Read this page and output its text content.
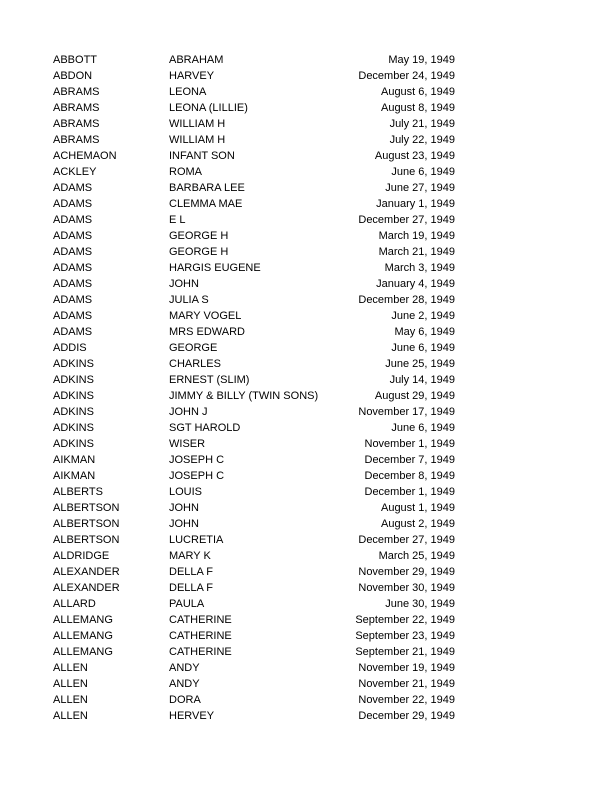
ABBOTT	ABRAHAM	May 19, 1949
ABDON	HARVEY	December 24, 1949
ABRAMS	LEONA	August 6, 1949
ABRAMS	LEONA (LILLIE)	August 8, 1949
ABRAMS	WILLIAM H	July 21, 1949
ABRAMS	WILLIAM H	July 22, 1949
ACHEMAON	INFANT SON	August 23, 1949
ACKLEY	ROMA	June 6, 1949
ADAMS	BARBARA LEE	June 27, 1949
ADAMS	CLEMMA MAE	January 1, 1949
ADAMS	E L	December 27, 1949
ADAMS	GEORGE H	March 19, 1949
ADAMS	GEORGE H	March 21, 1949
ADAMS	HARGIS EUGENE	March 3, 1949
ADAMS	JOHN	January 4, 1949
ADAMS	JULIA S	December 28, 1949
ADAMS	MARY VOGEL	June 2, 1949
ADAMS	MRS EDWARD	May 6, 1949
ADDIS	GEORGE	June 6, 1949
ADKINS	CHARLES	June 25, 1949
ADKINS	ERNEST (SLIM)	July 14, 1949
ADKINS	JIMMY & BILLY (TWIN SONS)	August 29, 1949
ADKINS	JOHN J	November 17, 1949
ADKINS	SGT HAROLD	June 6, 1949
ADKINS	WISER	November 1, 1949
AIKMAN	JOSEPH C	December 7, 1949
AIKMAN	JOSEPH C	December 8, 1949
ALBERTS	LOUIS	December 1, 1949
ALBERTSON	JOHN	August 1, 1949
ALBERTSON	JOHN	August 2, 1949
ALBERTSON	LUCRETIA	December 27, 1949
ALDRIDGE	MARY K	March 25, 1949
ALEXANDER	DELLA F	November 29, 1949
ALEXANDER	DELLA F	November 30, 1949
ALLARD	PAULA	June 30, 1949
ALLEMANG	CATHERINE	September 22, 1949
ALLEMANG	CATHERINE	September 23, 1949
ALLEMANG	CATHERINE	September 21, 1949
ALLEN	ANDY	November 19, 1949
ALLEN	ANDY	November 21, 1949
ALLEN	DORA	November 22, 1949
ALLEN	HERVEY	December 29, 1949
